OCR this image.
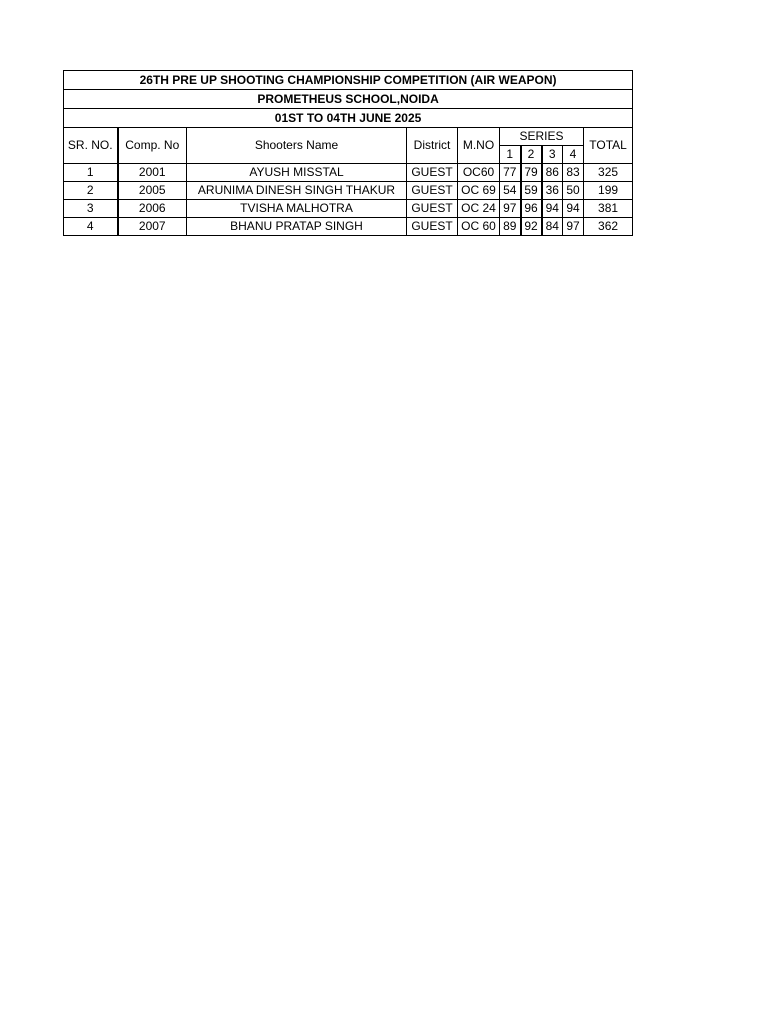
26TH PRE UP SHOOTING CHAMPIONSHIP COMPETITION (AIR WEAPON)									
PROMETHEUS SCHOOL,NOIDA									
01ST TO 04TH JUNE 2025									
SR. NO.	Comp. No	Shooters Name	District	M.NO	SERIES				TOTAL
					1	2	3	4	
1	2001	AYUSH MISSTAL	GUEST	OC60	77	79	86	83	325
2	2005	ARUNIMA DINESH SINGH THAKUR	GUEST	OC 69	54	59	36	50	199
3	2006	TVISHA MALHOTRA	GUEST	OC 24	97	96	94	94	381
4	2007	BHANU PRATAP SINGH	GUEST	OC 60	89	92	84	97	362
